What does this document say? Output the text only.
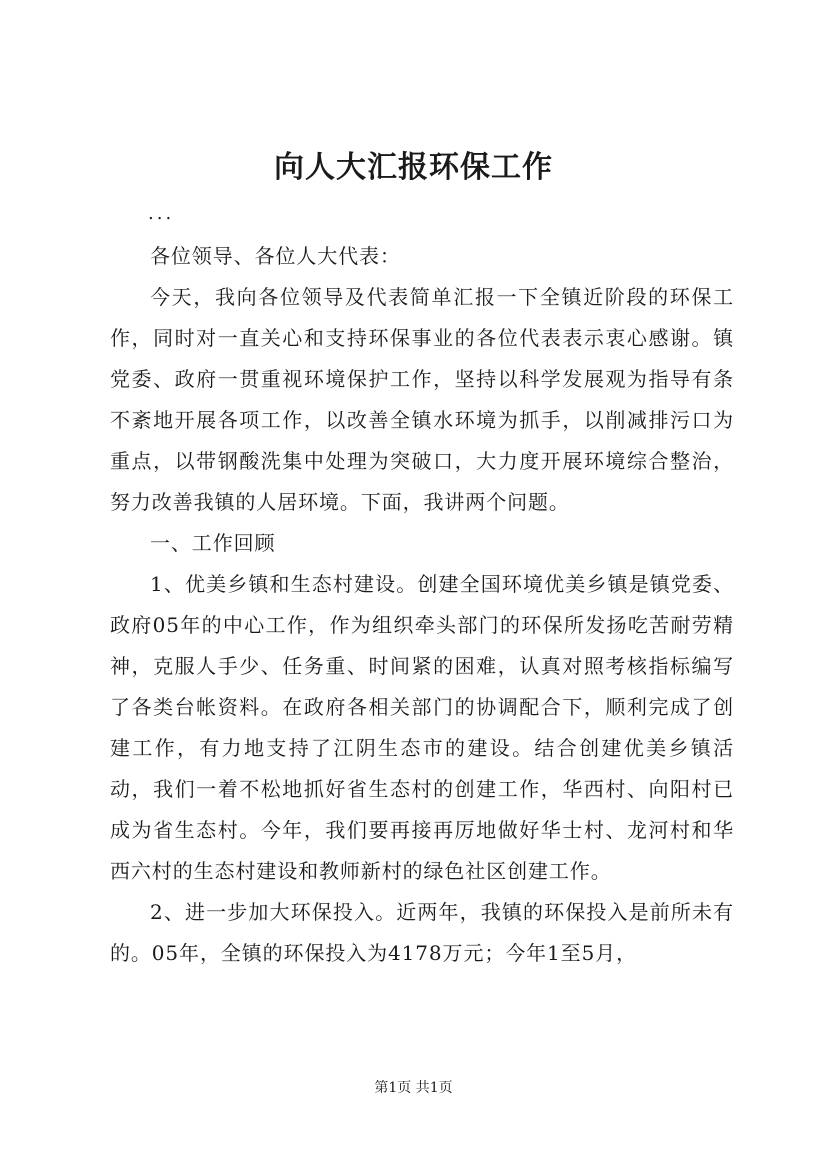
向人大汇报环保工作
...

各位领导、各位人大代表：

今天，我向各位领导及代表简单汇报一下全镇近阶段的环保工作，同时对一直关心和支持环保事业的各位代表表示衷心感谢。镇党委、政府一贯重视环境保护工作，坚持以科学发展观为指导有条不紊地开展各项工作，以改善全镇水环境为抓手，以削减排污口为重点，以带钢酸洗集中处理为突破口，大力度开展环境综合整治，努力改善我镇的人居环境。下面，我讲两个问题。

一、工作回顾

1、优美乡镇和生态村建设。创建全国环境优美乡镇是镇党委、政府05年的中心工作，作为组织牵头部门的环保所发扬吃苦耐劳精神，克服人手少、任务重、时间紧的困难，认真对照考核指标编写了各类台帐资料。在政府各相关部门的协调配合下，顺利完成了创建工作，有力地支持了江阴生态市的建设。结合创建优美乡镇活动，我们一着不松地抓好省生态村的创建工作，华西村、向阳村已成为省生态村。今年，我们要再接再厉地做好华士村、龙河村和华西六村的生态村建设和教师新村的绿色社区创建工作。

2、进一步加大环保投入。近两年，我镇的环保投入是前所未有的。05年，全镇的环保投入为4178万元；今年1至5月，

第1页 共1页
